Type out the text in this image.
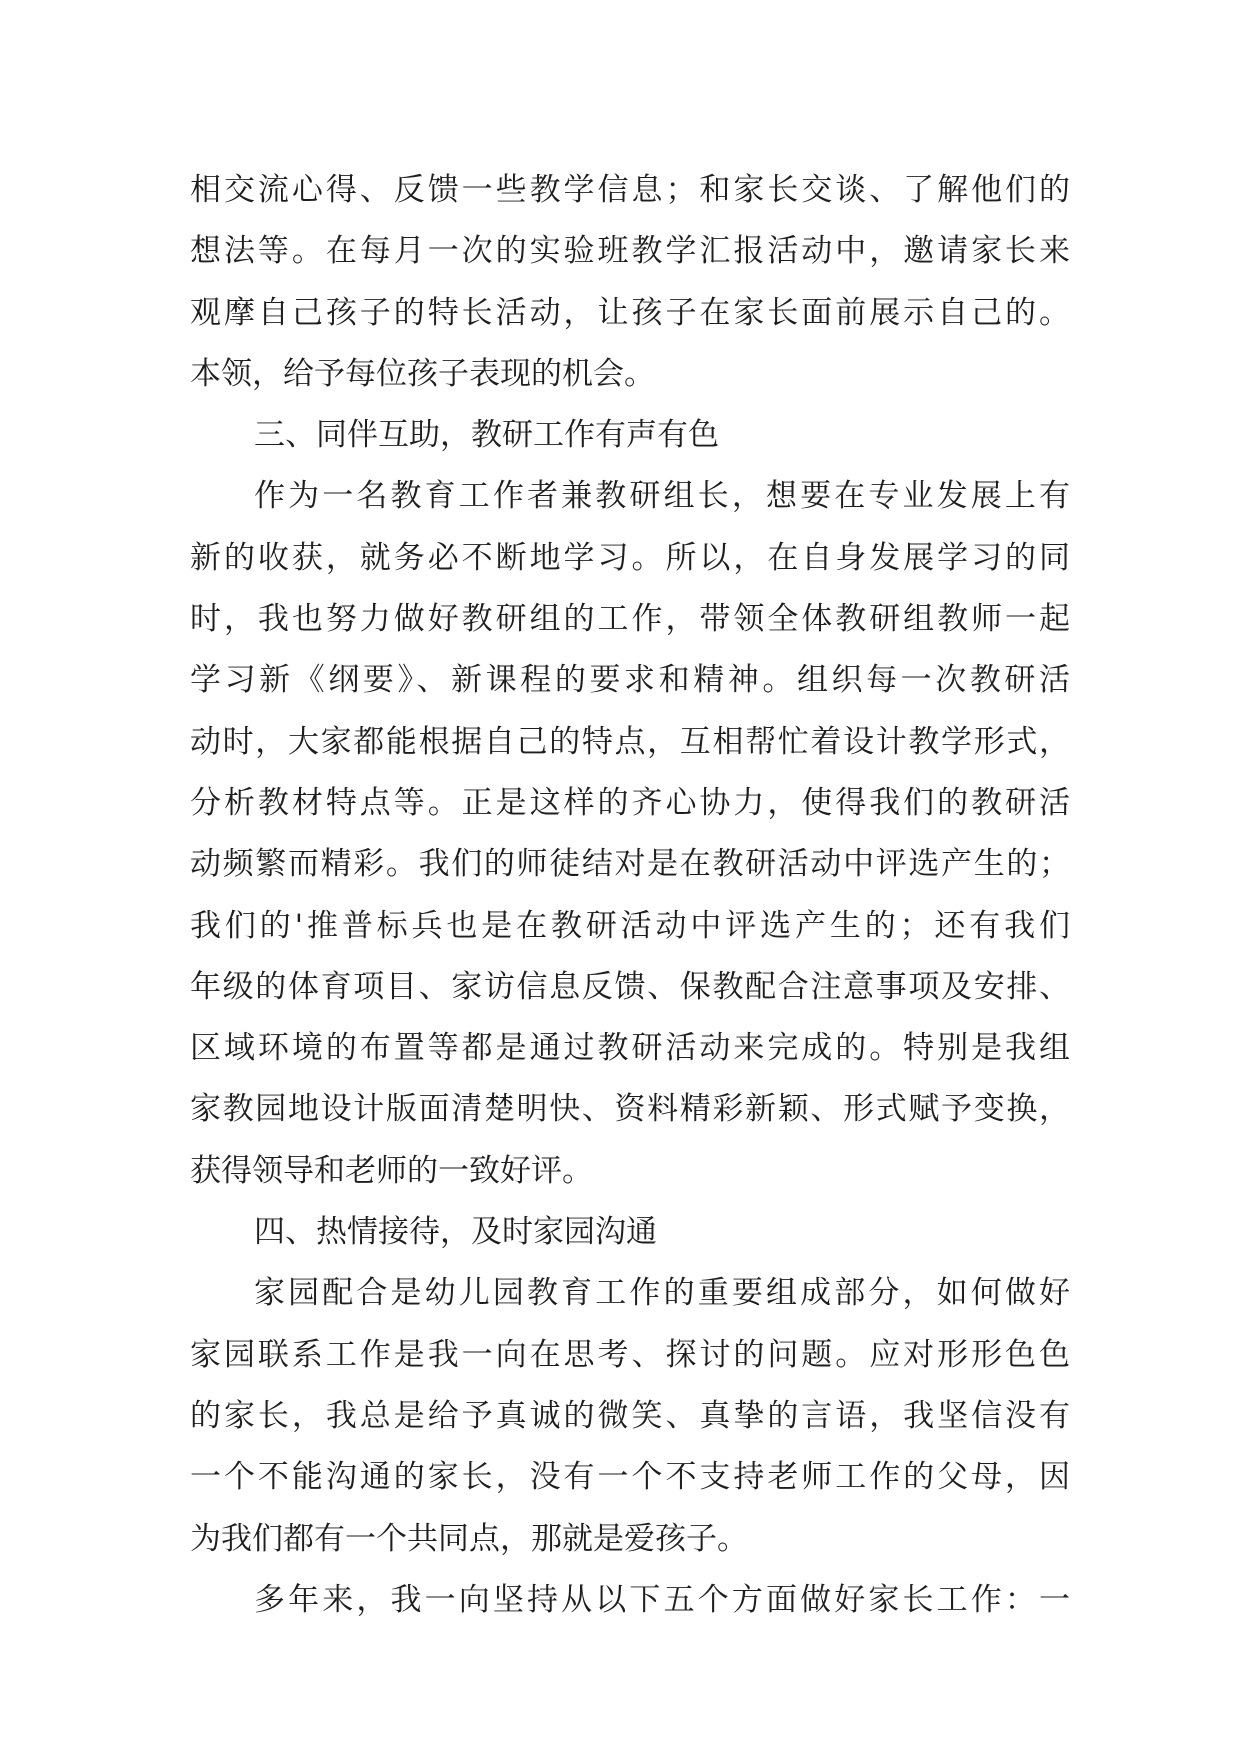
相交流心得、反馈一些教学信息；和家长交谈、了解他们的
想法等。在每月一次的实验班教学汇报活动中，邀请家长来
观摩自己孩子的特长活动，让孩子在家长面前展示自己的。
本领，给予每位孩子表现的机会。
三、同伴互助，教研工作有声有色
作为一名教育工作者兼教研组长，想要在专业发展上有
新的收获，就务必不断地学习。所以，在自身发展学习的同
时，我也努力做好教研组的工作，带领全体教研组教师一起
学习新《纲要》、新课程的要求和精神。组织每一次教研活
动时，大家都能根据自己的特点，互相帮忙着设计教学形式，
分析教材特点等。正是这样的齐心协力，使得我们的教研活
动频繁而精彩。我们的师徒结对是在教研活动中评选产生的；
我们的'推普标兵也是在教研活动中评选产生的；还有我们
年级的体育项目、家访信息反馈、保教配合注意事项及安排、
区域环境的布置等都是通过教研活动来完成的。特别是我组
家教园地设计版面清楚明快、资料精彩新颖、形式赋予变换，
获得领导和老师的一致好评。
四、热情接待，及时家园沟通
家园配合是幼儿园教育工作的重要组成部分，如何做好
家园联系工作是我一向在思考、探讨的问题。应对形形色色
的家长，我总是给予真诚的微笑、真挚的言语，我坚信没有
一个不能沟通的家长，没有一个不支持老师工作的父母，因
为我们都有一个共同点，那就是爱孩子。
多年来，我一向坚持从以下五个方面做好家长工作：一
